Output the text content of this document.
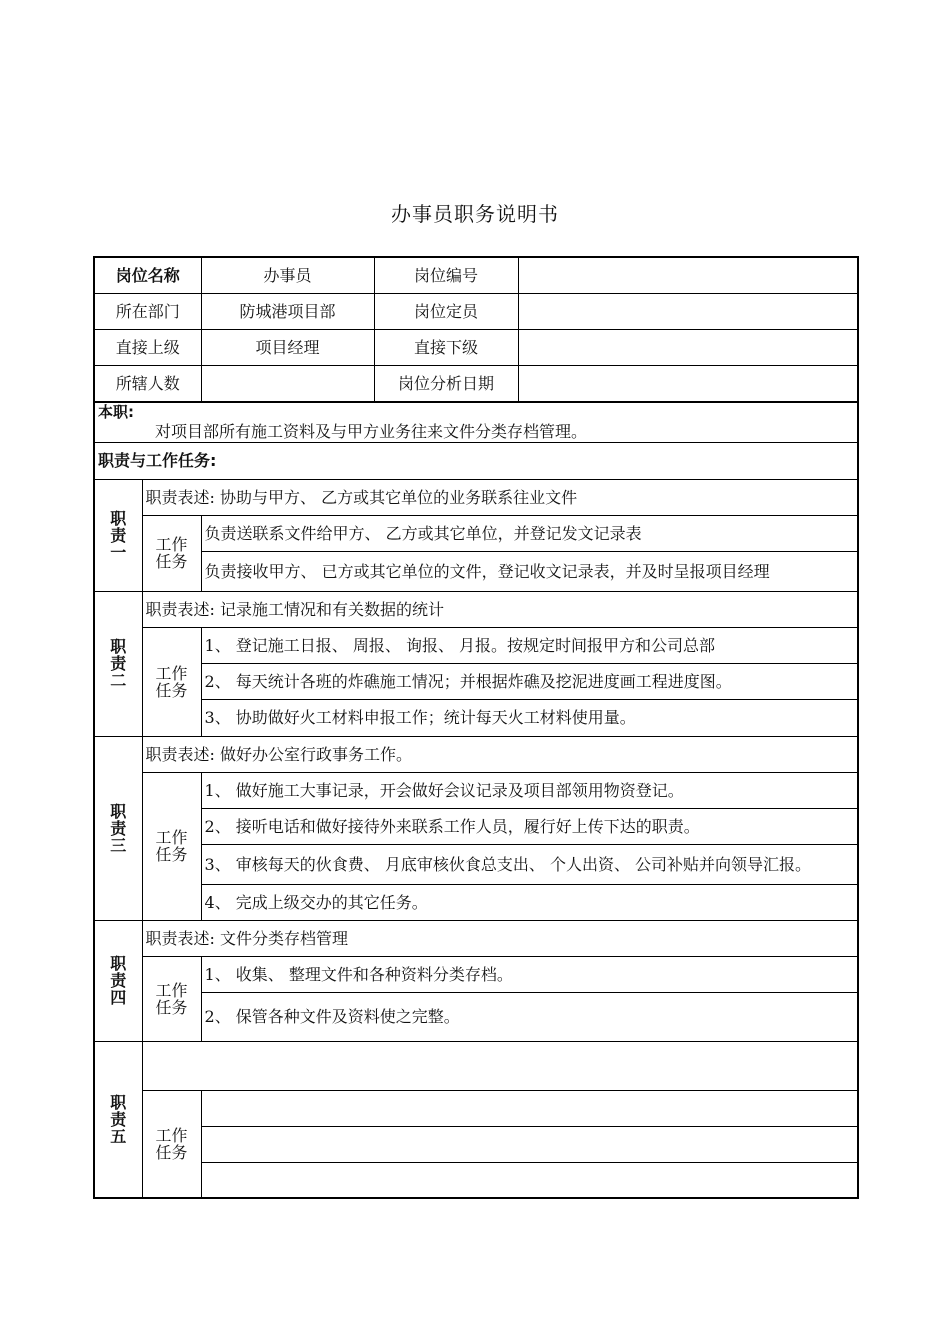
办事员职务说明书
岗位名称		办事员	岗位编号	
所在部门		防城港项目部	岗位定员	
直接上级		项目经理	直接下级	
所辖人数			岗位分析日期	

本职:
对项目部所有施工资料及与甲方业务往来文件分类存档管理。				

职责与工作任务:				

职
责
一	职责表述: 协助与甲方、 乙方或其它单位的业务联系往业文件			
	工作
任务	负责送联系文件给甲方、 乙方或其它单位，并登记发文记录表		
		负责接收甲方、 已方或其它单位的文件，登记收文记录表，并及时呈报项目经理		

职
责
二	职责表述: 记录施工情况和有关数据的统计			
	工作
任务	1、 登记施工日报、 周报、 询报、 月报。按规定时间报甲方和公司总部		
		2、 每天统计各班的炸礁施工情况；并根据炸礁及挖泥进度画工程进度图。		
		3、 协助做好火工材料申报工作；统计每天火工材料使用量。		

职
责
三	职责表述: 做好办公室行政事务工作。			
	工作
任务	1、 做好施工大事记录，开会做好会议记录及项目部领用物资登记。		
		2、 接听电话和做好接待外来联系工作人员，履行好上传下达的职责。		
		3、 审核每天的伙食费、 月底审核伙食总支出、 个人出资、 公司补贴并向领导汇报。		
		4、 完成上级交办的其它任务。		

职
责
四	职责表述: 文件分类存档管理			
	工作
任务	1、 收集、 整理文件和各种资料分类存档。		
		2、 保管各种文件及资料使之完整。		

职
责
五				

	工作
任务			
